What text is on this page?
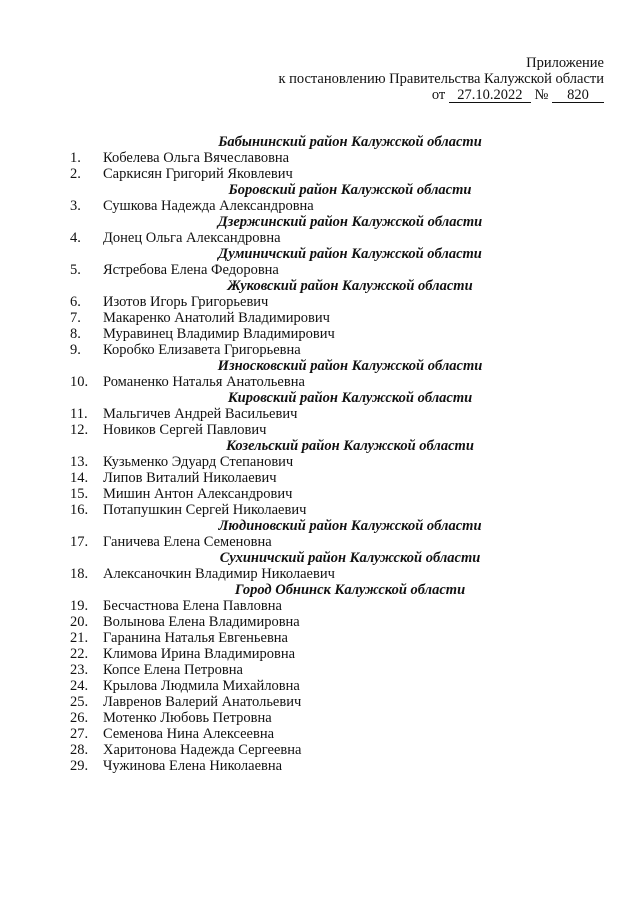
Приложение
к постановлению Правительства Калужской области
от 27.10.2022 № 820
Бабынинский район Калужской области
1. Кобелева Ольга Вячеславовна
2. Саркисян Григорий Яковлевич
Боровский район Калужской области
3. Сушкова Надежда Александровна
Дзержинский район Калужской области
4. Донец Ольга Александровна
Думиничский район Калужской области
5. Ястребова Елена Федоровна
Жуковский район Калужской области
6. Изотов Игорь Григорьевич
7. Макаренко Анатолий Владимирович
8. Муравинец Владимир Владимирович
9. Коробко Елизавета Григорьевна
Износковский район Калужской области
10. Романенко Наталья Анатольевна
Кировский район Калужской области
11. Мальгичев Андрей Васильевич
12. Новиков Сергей Павлович
Козельский район Калужской области
13. Кузьменко Эдуард Степанович
14. Липов Виталий Николаевич
15. Мишин Антон Александрович
16. Потапушкин Сергей Николаевич
Людиновский район Калужской области
17. Ганичева Елена Семеновна
Сухиничский район Калужской области
18. Алексаночкин Владимир Николаевич
Город Обнинск Калужской области
19. Бесчастнова Елена Павловна
20. Волынова Елена Владимировна
21. Гаранина Наталья Евгеньевна
22. Климова Ирина Владимировна
23. Копсе Елена Петровна
24. Крылова Людмила Михайловна
25. Лавренов Валерий Анатольевич
26. Мотенко Любовь Петровна
27. Семенова Нина Алексеевна
28. Харитонова Надежда Сергеевна
29. Чужинова Елена Николаевна
